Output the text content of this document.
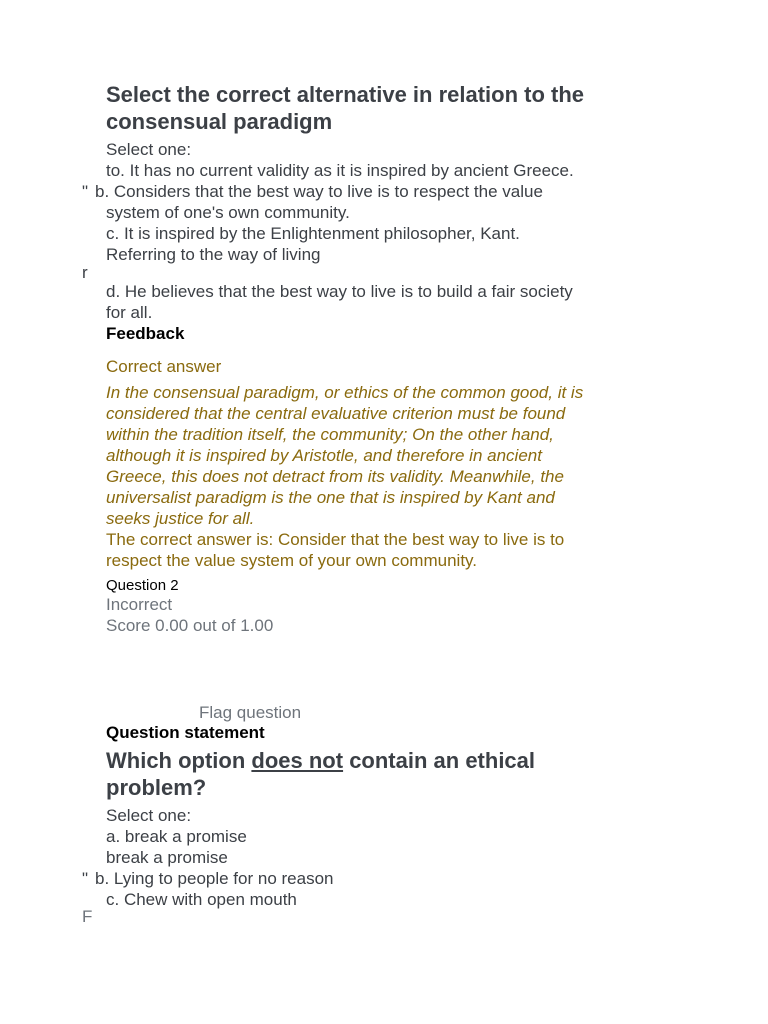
Select the correct alternative in relation to the
consensual paradigm
Select one:
to. It has no current validity as it is inspired by ancient Greece.
" b. Considers that the best way to live is to respect the value
system of one's own community.
c. It is inspired by the Enlightenment philosopher, Kant.
Referring to the way of living
r
d. He believes that the best way to live is to build a fair society
for all.
Feedback
Correct answer
In the consensual paradigm, or ethics of the common good, it is
considered that the central evaluative criterion must be found
within the tradition itself, the community; On the other hand,
although it is inspired by Aristotle, and therefore in ancient
Greece, this does not detract from its validity. Meanwhile, the
universalist paradigm is the one that is inspired by Kant and
seeks justice for all.
The correct answer is: Consider that the best way to live is to
respect the value system of your own community.
Question 2
Incorrect
Score 0.00 out of 1.00
Flag question
Question statement
Which option does not contain an ethical
problem?
Select one:
a. break a promise
break a promise
" b. Lying to people for no reason
c. Chew with open mouth
F
